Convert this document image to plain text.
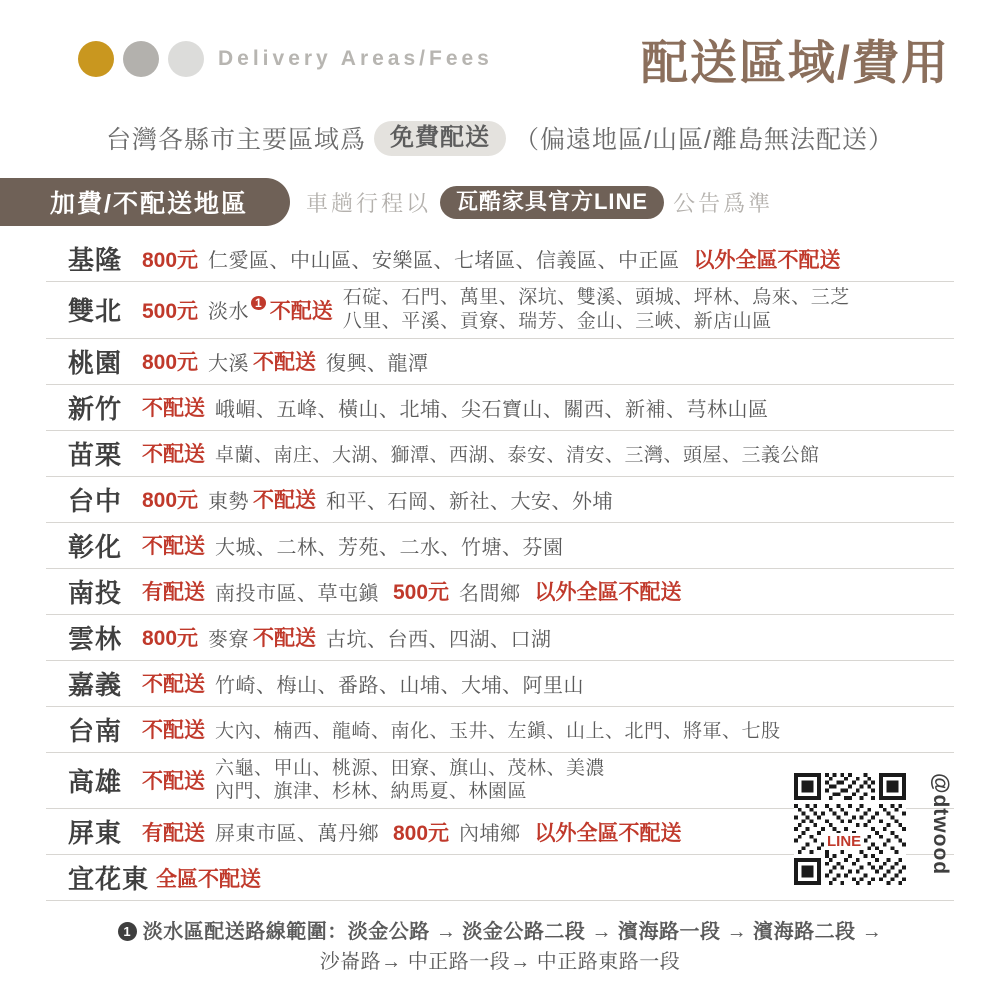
Delivery Areas/Fees	配送區域/費用
台灣各縣市主要區域爲	免費配送 （偏遠地區/山區/離島無法配送）
加費/不配送地區	車趟行程以	瓦酷家具官方LINE	公告爲準
基隆 800元 仁愛區、中山區、安樂區、七堵區、信義區、中正區 以外全區不配送
雙北 500元 淡水 1 不配送
石碇、石門、萬里、深坑、雙溪、頭城、坪林、烏來、三芝
八里、平溪、貢寮、瑞芳、金山、三峽、新店山區
桃園 800元 大溪 不配送 復興、龍潭
新竹 不配送 峨嵋、五峰、橫山、北埔、尖石寶山、關西、新補、芎林山區
苗栗 不配送 卓蘭、南庄、大湖、獅潭、西湖、泰安、清安、三灣、頭屋、三義公館
台中 800元 東勢 不配送 和平、石岡、新社、大安、外埔
彰化 不配送 大城、二林、芳苑、二水、竹塘、芬園
南投 有配送 南投市區、草屯鎭 500元 名間鄉 以外全區不配送
雲林 800元 麥寮 不配送 古坑、台西、四湖、口湖
嘉義 不配送 竹崎、梅山、番路、山埔、大埔、阿里山
台南 不配送 大內、楠西、龍崎、南化、玉井、左鎭、山上、北門、將軍、七股
高雄 不配送
六龜、甲山、桃源、田寮、旗山、茂林、美濃
內門、旗津、杉林、納馬夏、林園區
屏東 有配送 屏東市區、萬丹鄉 800元 內埔鄉 以外全區不配送
宜花東 全區不配送
LINE	@dtwood
1 淡水區配送路線範圍：淡金公路 → 淡金公路二段 → 濱海路一段 → 濱海路二段 →
沙崙路→ 中正路一段→ 中正路東路一段
